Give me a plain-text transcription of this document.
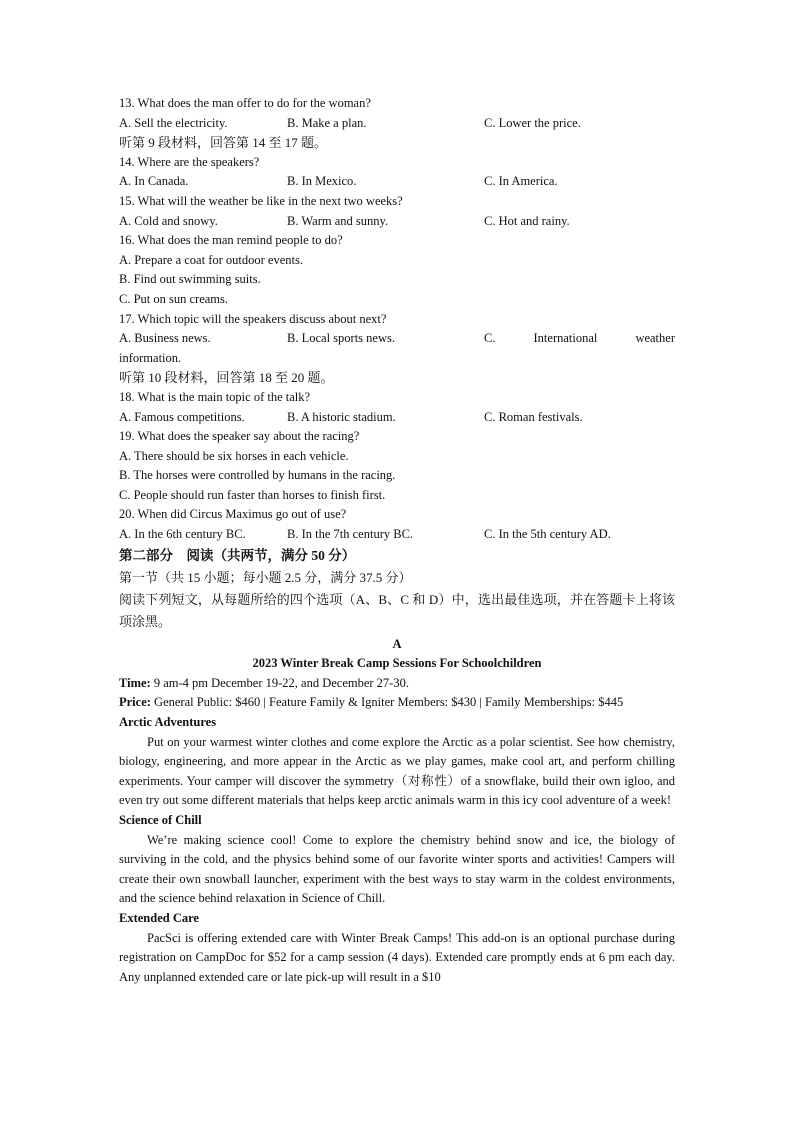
13. What does the man offer to do for the woman?
A. Sell the electricity.	B. Make a plan.	C. Lower the price.
听第 9 段材料，回答第 14 至 17 题。
14. Where are the speakers?
A. In Canada.	B. In Mexico.	C. In America.
15. What will the weather be like in the next two weeks?
A. Cold and snowy.	B. Warm and sunny.	C. Hot and rainy.
16. What does the man remind people to do?
A. Prepare a coat for outdoor events.
B. Find out swimming suits.
C. Put on sun creams.
17. Which topic will the speakers discuss about next?
A. Business news.	B. Local sports news.	C.	International	weather
information.
听第 10 段材料，回答第 18 至 20 题。
18. What is the main topic of the talk?
A. Famous competitions.	B. A historic stadium.	C. Roman festivals.
19. What does the speaker say about the racing?
A. There should be six horses in each vehicle.
B. The horses were controlled by humans in the racing.
C. People should run faster than horses to finish first.
20. When did Circus Maximus go out of use?
A. In the 6th century BC.	B. In the 7th century BC.	C. In the 5th century AD.
第二部分　阅读（共两节，满分 50 分）
第一节（共 15 小题；每小题 2.5 分，满分 37.5 分）

阅读下列短文，从每题所给的四个选项（A、B、C 和 D）中，选出最佳选项，并在答题卡上将该项涂黑。

A
2023 Winter Break Camp Sessions For Schoolchildren
Time: 9 am-4 pm December 19-22, and December 27-30.

Price: General Public: $460 | Feature Family & Igniter Members: $430 | Family Memberships: $445

Arctic Adventures

Put on your warmest winter clothes and come explore the Arctic as a polar scientist. See how chemistry, biology, engineering, and more appear in the Arctic as we play games, make cool art, and perform chilling experiments. Your camper will discover the symmetry（对称性）of a snowflake, build their own igloo, and even try out some different materials that helps keep arctic animals warm in this icy cool adventure of a week!

Science of Chill

We’re making science cool! Come to explore the chemistry behind snow and ice, the biology of surviving in the cold, and the physics behind some of our favorite winter sports and activities! Campers will create their own snowball launcher, experiment with the best ways to stay warm in the coldest environments, and the science behind relaxation in Science of Chill.

Extended Care

PacSci is offering extended care with Winter Break Camps! This add-on is an optional purchase during registration on CampDoc for $52 for a camp session (4 days). Extended care promptly ends at 6 pm each day. Any unplanned extended care or late pick-up will result in a $10
